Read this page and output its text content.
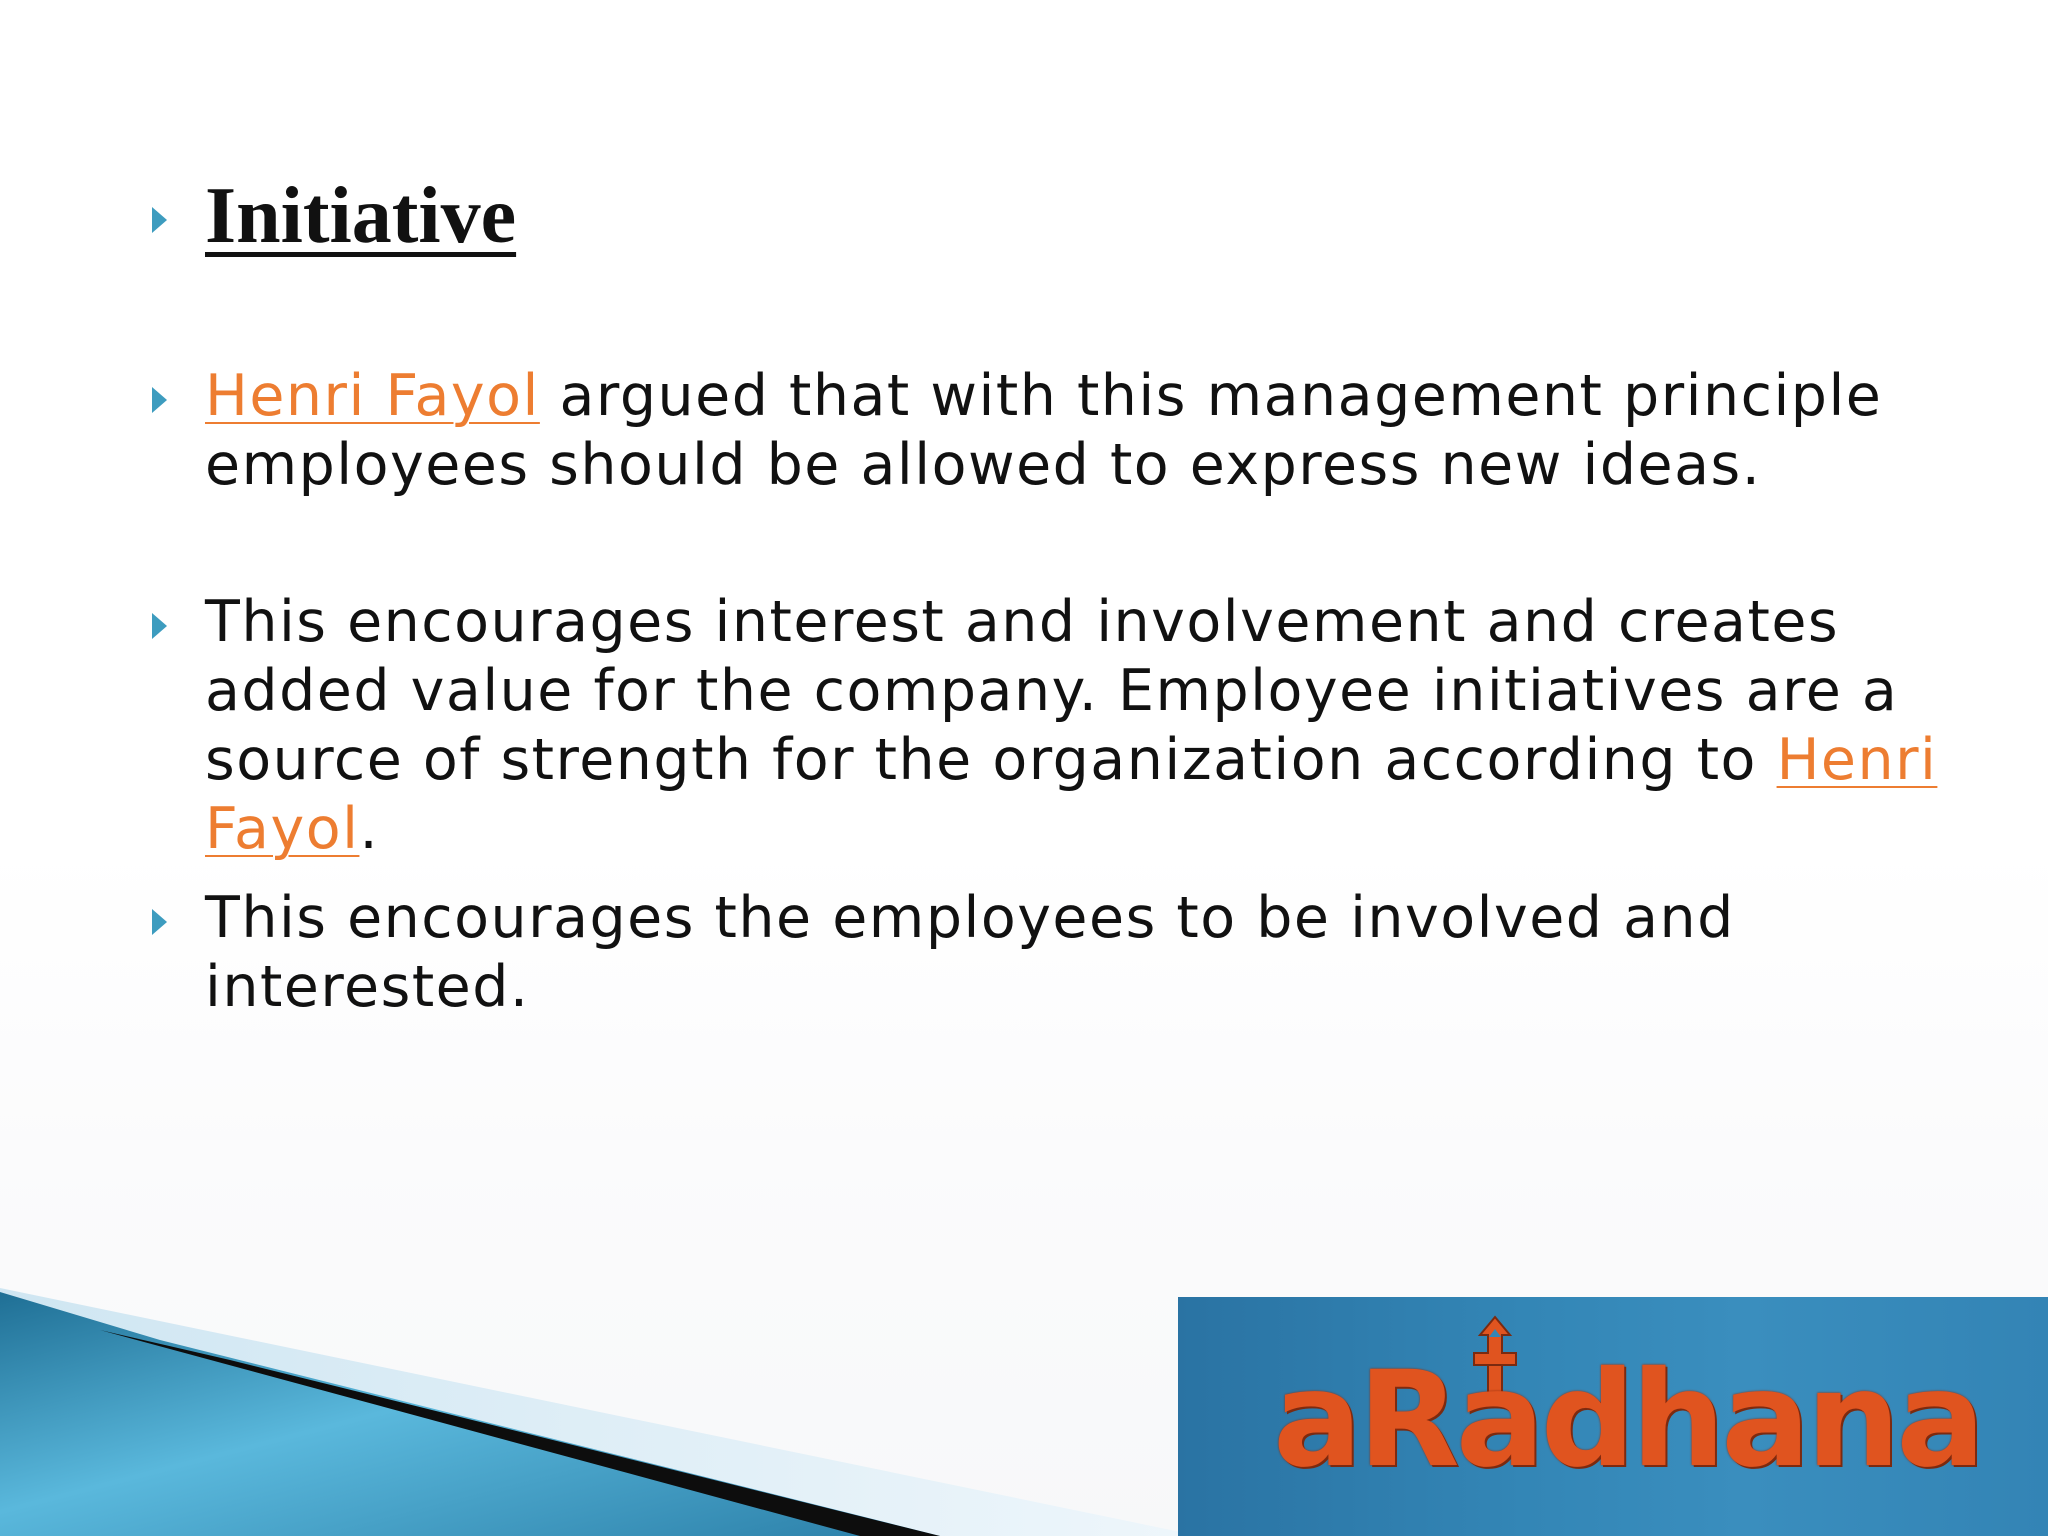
Initiative
Henri Fayol argued that with this management principle employees should be allowed to express new ideas.
This encourages interest and involvement and creates added value for the company. Employee initiatives are a source of strength for the organization according to Henri Fayol.
This encourages the employees to be involved and interested.
aRadhana
